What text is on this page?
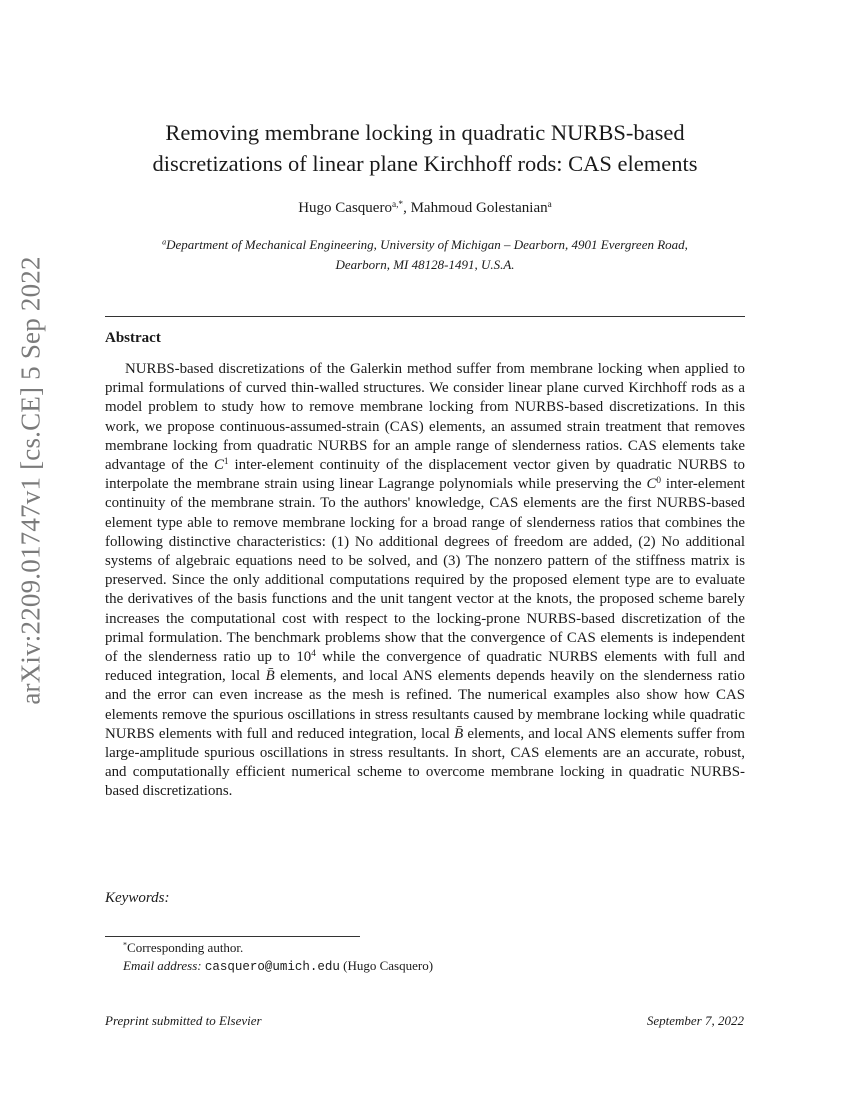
arXiv:2209.01747v1 [cs.CE] 5 Sep 2022
Removing membrane locking in quadratic NURBS-based
discretizations of linear plane Kirchhoff rods: CAS elements
Hugo Casquero$^{a,*}$, Mahmoud Golestanian$^a$
$^a$Department of Mechanical Engineering, University of Michigan – Dearborn, 4901 Evergreen Road,
Dearborn, MI 48128-1491, U.S.A.
Abstract

NURBS-based discretizations of the Galerkin method suffer from membrane locking when applied to primal formulations of curved thin-walled structures. We consider linear plane curved Kirchhoff rods as a model problem to study how to remove membrane locking from NURBS-based discretizations. In this work, we propose continuous-assumed-strain (CAS) elements, an assumed strain treatment that removes membrane locking from quadratic NURBS for an ample range of slenderness ratios. CAS elements take advantage of the $C^1$ inter-element continuity of the displacement vector given by quadratic NURBS to interpolate the membrane strain using linear Lagrange polynomials while preserving the $C^0$ inter-element continuity of the membrane strain. To the authors' knowledge, CAS elements are the first NURBS-based element type able to remove membrane locking for a broad range of slenderness ratios that combines the following distinctive characteristics: (1) No additional degrees of freedom are added, (2) No additional systems of algebraic equations need to be solved, and (3) The nonzero pattern of the stiffness matrix is preserved. Since the only additional computations required by the proposed element type are to evaluate the derivatives of the basis functions and the unit tangent vector at the knots, the proposed scheme barely increases the computational cost with respect to the locking-prone NURBS-based discretization of the primal formulation. The benchmark problems show that the convergence of CAS elements is independent of the slenderness ratio up to $10^4$ while the convergence of quadratic NURBS elements with full and reduced integration, local B̄ elements, and local ANS elements depends heavily on the slenderness ratio and the error can even increase as the mesh is refined. The numerical examples also show how CAS elements remove the spurious oscillations in stress resultants caused by membrane locking while quadratic NURBS elements with full and reduced integration, local B̄ elements, and local ANS elements suffer from large-amplitude spurious oscillations in stress resultants. In short, CAS elements are an accurate, robust, and computationally efficient numerical scheme to overcome membrane locking in quadratic NURBS-based discretizations.

Keywords:
*Corresponding author.
Email address: casquero@umich.edu (Hugo Casquero)
Preprint submitted to Elsevier	September 7, 2022
